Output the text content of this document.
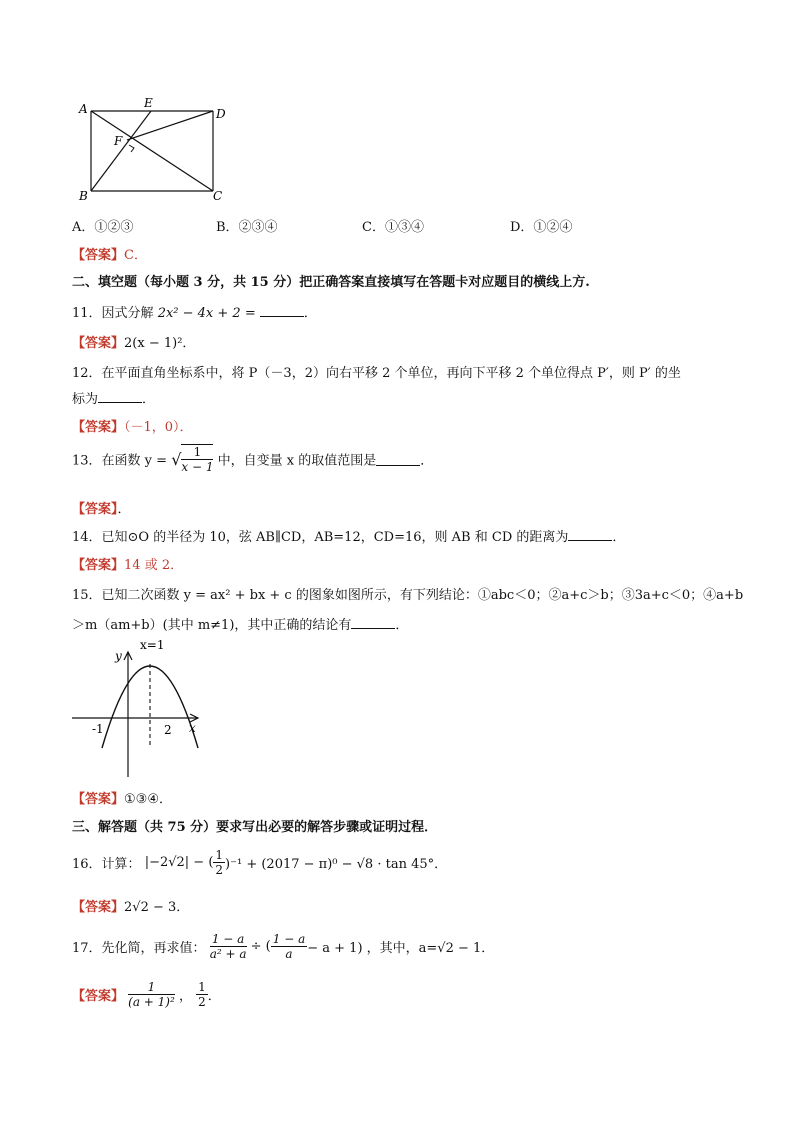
A
B	C
D
E
F
A．①②③	B．②③④	C．①③④	D．①②④
【答案】C．
二、填空题（每小题 3 分，共 15 分）把正确答案直接填写在答题卡对应题目的横线上方.
11．因式分解 2x² − 4x + 2 =	．
【答案】2(x − 1)²．
12．在平面直角坐标系中，将 P（－3，2）向右平移 2 个单位，再向下平移 2 个单位得点 P′，则 P′ 的坐
标为	．
【答案】（－1，0）．
13．在函数 y = √ $\frac{1}{x - 1}$ 中，自变量 x 的取值范围是	．
【答案】．
14．已知⊙O 的半径为 10，弦 AB∥CD，AB=12，CD=16，则 AB 和 CD 的距离为	．
【答案】14 或 2．
15．已知二次函数 y = ax² + bx + c 的图象如图所示，有下列结论：①abc＜0；②a+c＞b；③3a+c＜0；④a+b
＞m（am+b）(其中 m≠1)，其中正确的结论有	．
x=1
y
x
-1	2
【答案】①③④．
三、解答题（共 75 分）要求写出必要的解答步骤或证明过程．
16．计算： |−2√2| − ( $\frac{1}{2} )^{-1} + (2017 - \pi)^0 - √8 \cdot \tan 45^\circ$．
【答案】2√2 − 3．
17．先化简，再求值： $\frac{1 - a}{\text{a² + a}}$ ÷ ( $\frac{1 - a}{a} - a + 1$) ，其中，a=√2 − 1．
【答案】 $\frac{1}{\text{(a + 1)²}}$ ， $\frac{1}{2}$ ．
